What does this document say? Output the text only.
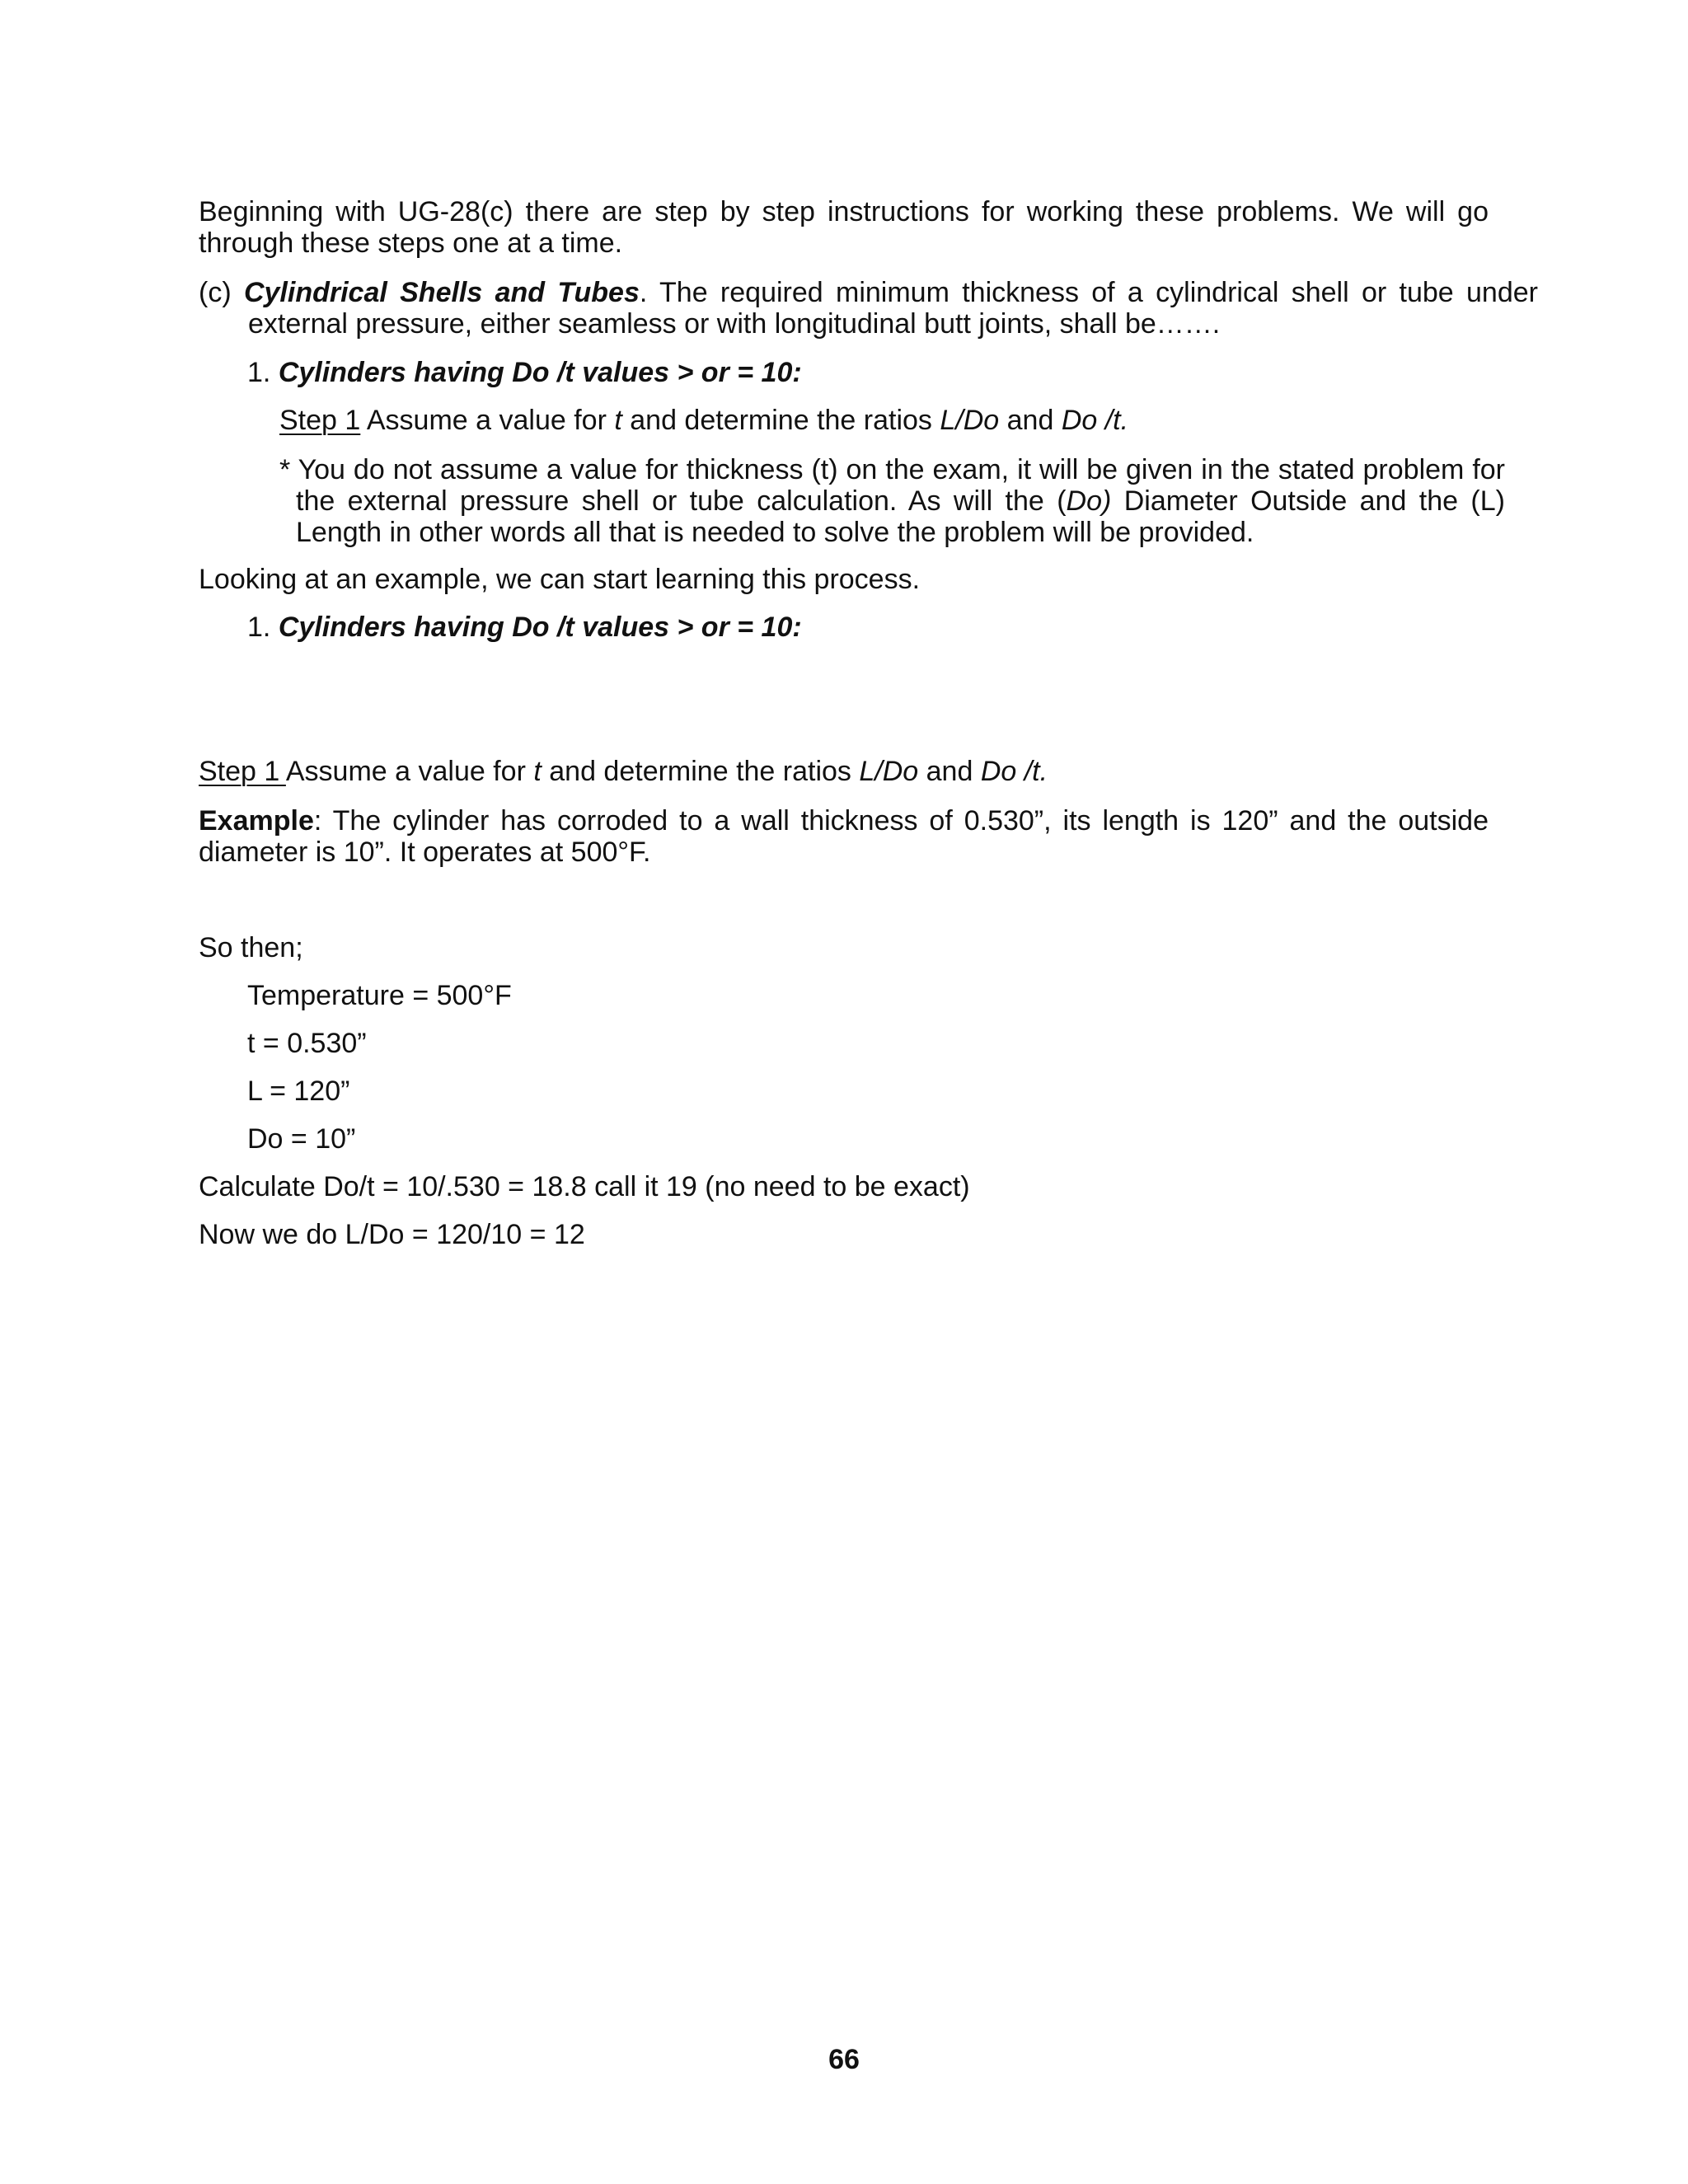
Beginning with UG-28(c) there are step by step instructions for working these problems. We will go through these steps one at a time.

(c) Cylindrical Shells and Tubes. The required minimum thickness of a cylindrical shell or tube under external pressure, either seamless or with longitudinal butt joints, shall be…….

1. Cylinders having Do /t values > or = 10:

Step 1 Assume a value for t and determine the ratios L/Do and Do /t.

* You do not assume a value for thickness (t) on the exam, it will be given in the stated problem for the external pressure shell or tube calculation. As will the (Do) Diameter Outside and the (L) Length in other words all that is needed to solve the problem will be provided.

Looking at an example, we can start learning this process.

1. Cylinders having Do /t values > or = 10:

Step 1 Assume a value for t and determine the ratios L/Do and Do /t.

Example: The cylinder has corroded to a wall thickness of 0.530”, its length is 120” and the outside diameter is 10”. It operates at 500°F.

So then;

Temperature = 500°F

t = 0.530”

L = 120”

Do = 10”

Calculate Do/t = 10/.530 = 18.8 call it 19 (no need to be exact)

Now we do L/Do = 120/10 = 12

66
